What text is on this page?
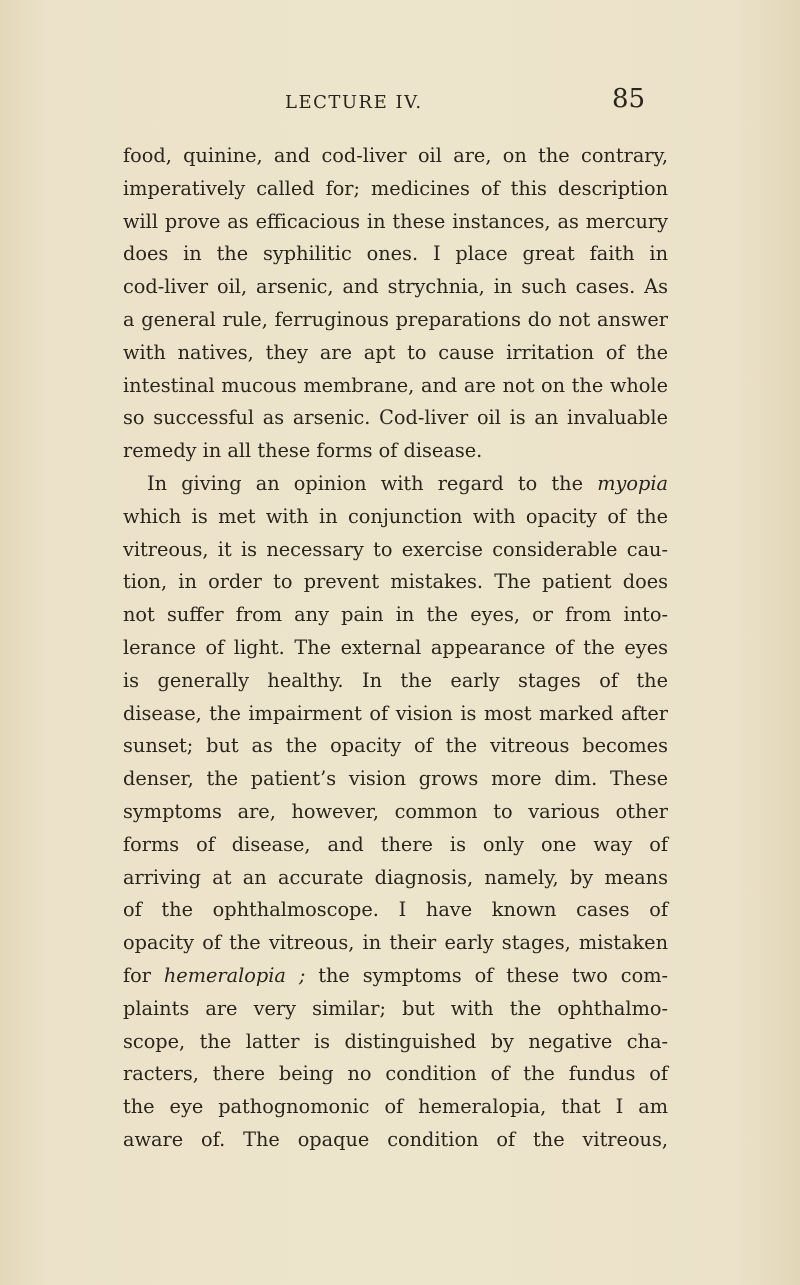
LECTURE IV.	85
food, quinine, and cod-liver oil are, on the contrary,
imperatively called for; medicines of this description
will prove as efficacious in these instances, as mercury
does in the syphilitic ones. I place great faith in
cod-liver oil, arsenic, and strychnia, in such cases. As
a general rule, ferruginous preparations do not answer
with natives, they are apt to cause irritation of the
intestinal mucous membrane, and are not on the whole
so successful as arsenic. Cod-liver oil is an invaluable
remedy in all these forms of disease.
In giving an opinion with regard to the myopia
which is met with in conjunction with opacity of the
vitreous, it is necessary to exercise considerable cau-
tion, in order to prevent mistakes. The patient does
not suffer from any pain in the eyes, or from into-
lerance of light. The external appearance of the eyes
is generally healthy. In the early stages of the
disease, the impairment of vision is most marked after
sunset; but as the opacity of the vitreous becomes
denser, the patient’s vision grows more dim. These
symptoms are, however, common to various other
forms of disease, and there is only one way of
arriving at an accurate diagnosis, namely, by means
of the ophthalmoscope. I have known cases of
opacity of the vitreous, in their early stages, mistaken
for hemeralopia ; the symptoms of these two com-
plaints are very similar; but with the ophthalmo-
scope, the latter is distinguished by negative cha-
racters, there being no condition of the fundus of
the eye pathognomonic of hemeralopia, that I am
aware of. The opaque condition of the vitreous,
